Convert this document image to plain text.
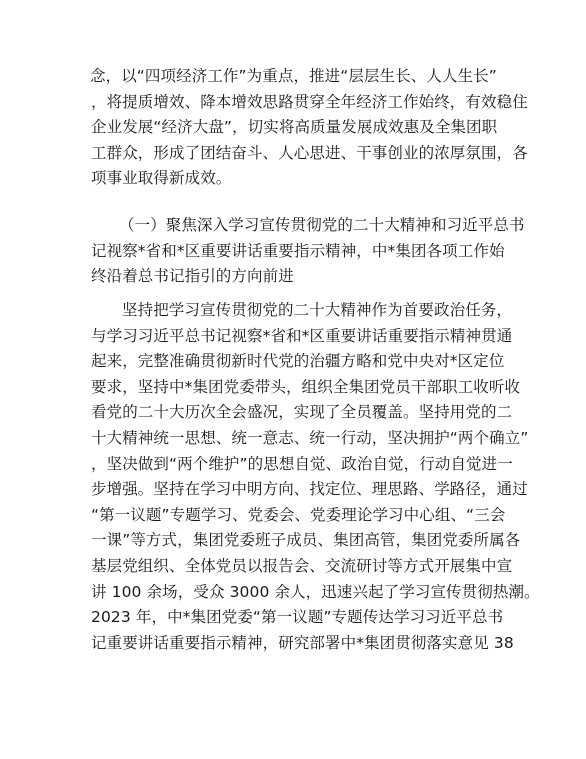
念，以“四项经济工作”为重点，推进“层层生长、人人生长”
，将提质增效、降本增效思路贯穿全年经济工作始终，有效稳住
企业发展“经济大盘”，切实将高质量发展成效惠及全集团职
工群众，形成了团结奋斗、人心思进、干事创业的浓厚氛围，各
项事业取得新成效。
（一）聚焦深入学习宣传贯彻党的二十大精神和习近平总书
记视察*省和*区重要讲话重要指示精神，中*集团各项工作始
终沿着总书记指引的方向前进
坚持把学习宣传贯彻党的二十大精神作为首要政治任务，
与学习习近平总书记视察*省和*区重要讲话重要指示精神贯通
起来，完整准确贯彻新时代党的治疆方略和党中央对*区定位
要求，坚持中*集团党委带头，组织全集团党员干部职工收听收
看党的二十大历次全会盛况，实现了全员覆盖。坚持用党的二
十大精神统一思想、统一意志、统一行动，坚决拥护“两个确立”
，坚决做到“两个维护”的思想自觉、政治自觉，行动自觉进一
步增强。坚持在学习中明方向、找定位、理思路、学路径，通过
“第一议题”专题学习、党委会、党委理论学习中心组、“三会
一课”等方式，集团党委班子成员、集团高管，集团党委所属各
基层党组织、全体党员以报告会、交流研讨等方式开展集中宣
讲 100 余场，受众 3000 余人，迅速兴起了学习宣传贯彻热潮。
2023 年，中*集团党委“第一议题”专题传达学习习近平总书
记重要讲话重要指示精神，研究部署中*集团贯彻落实意见 38
